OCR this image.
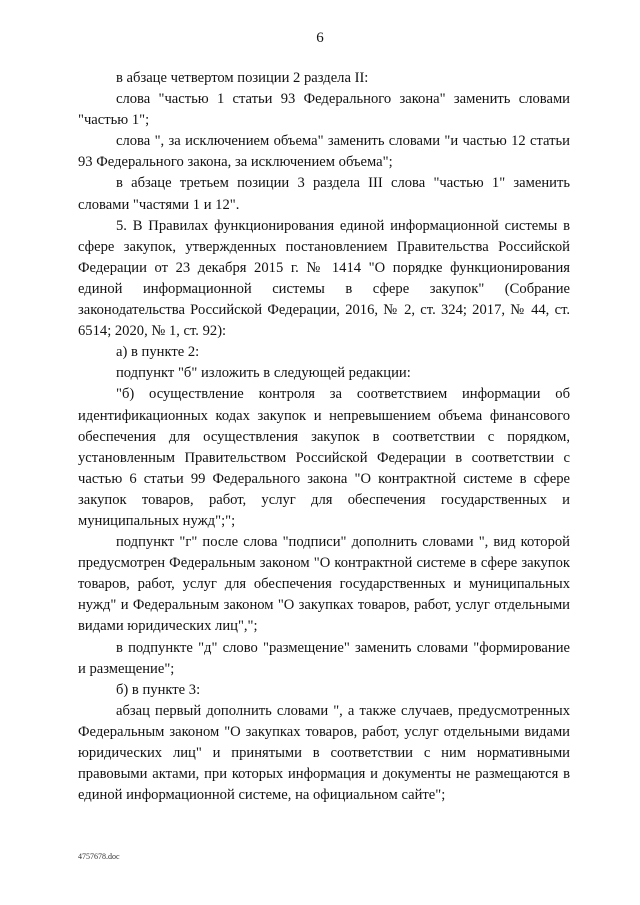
6

в абзаце четвертом позиции 2 раздела II:

слова "частью 1 статьи 93 Федерального закона" заменить словами "частью 1";

слова ", за исключением объема" заменить словами "и частью 12 статьи 93 Федерального закона, за исключением объема";

в абзаце третьем позиции 3 раздела III слова "частью 1" заменить словами "частями 1 и 12".

5. В Правилах функционирования единой информационной системы в сфере закупок, утвержденных постановлением Правительства Российской Федерации от 23 декабря 2015 г. № 1414 "О порядке функционирования единой информационной системы в сфере закупок" (Собрание законодательства Российской Федерации, 2016, № 2, ст. 324; 2017, № 44, ст. 6514; 2020, № 1, ст. 92):

а) в пункте 2:

подпункт "б" изложить в следующей редакции:

"б) осуществление контроля за соответствием информации об идентификационных кодах закупок и непревышением объема финансового обеспечения для осуществления закупок в соответствии с порядком, установленным Правительством Российской Федерации в соответствии с частью 6 статьи 99 Федерального закона "О контрактной системе в сфере закупок товаров, работ, услуг для обеспечения государственных и муниципальных нужд";";

подпункт "г" после слова "подписи" дополнить словами ", вид которой предусмотрен Федеральным законом "О контрактной системе в сфере закупок товаров, работ, услуг для обеспечения государственных и муниципальных нужд" и Федеральным законом "О закупках товаров, работ, услуг отдельными видами юридических лиц",";

в подпункте "д" слово "размещение" заменить словами "формирование и размещение";

б) в пункте 3:

абзац первый дополнить словами ", а также случаев, предусмотренных Федеральным законом "О закупках товаров, работ, услуг отдельными видами юридических лиц" и принятыми в соответствии с ним нормативными правовыми актами, при которых информация и документы не размещаются в единой информационной системе, на официальном сайте";

4757678.doc
